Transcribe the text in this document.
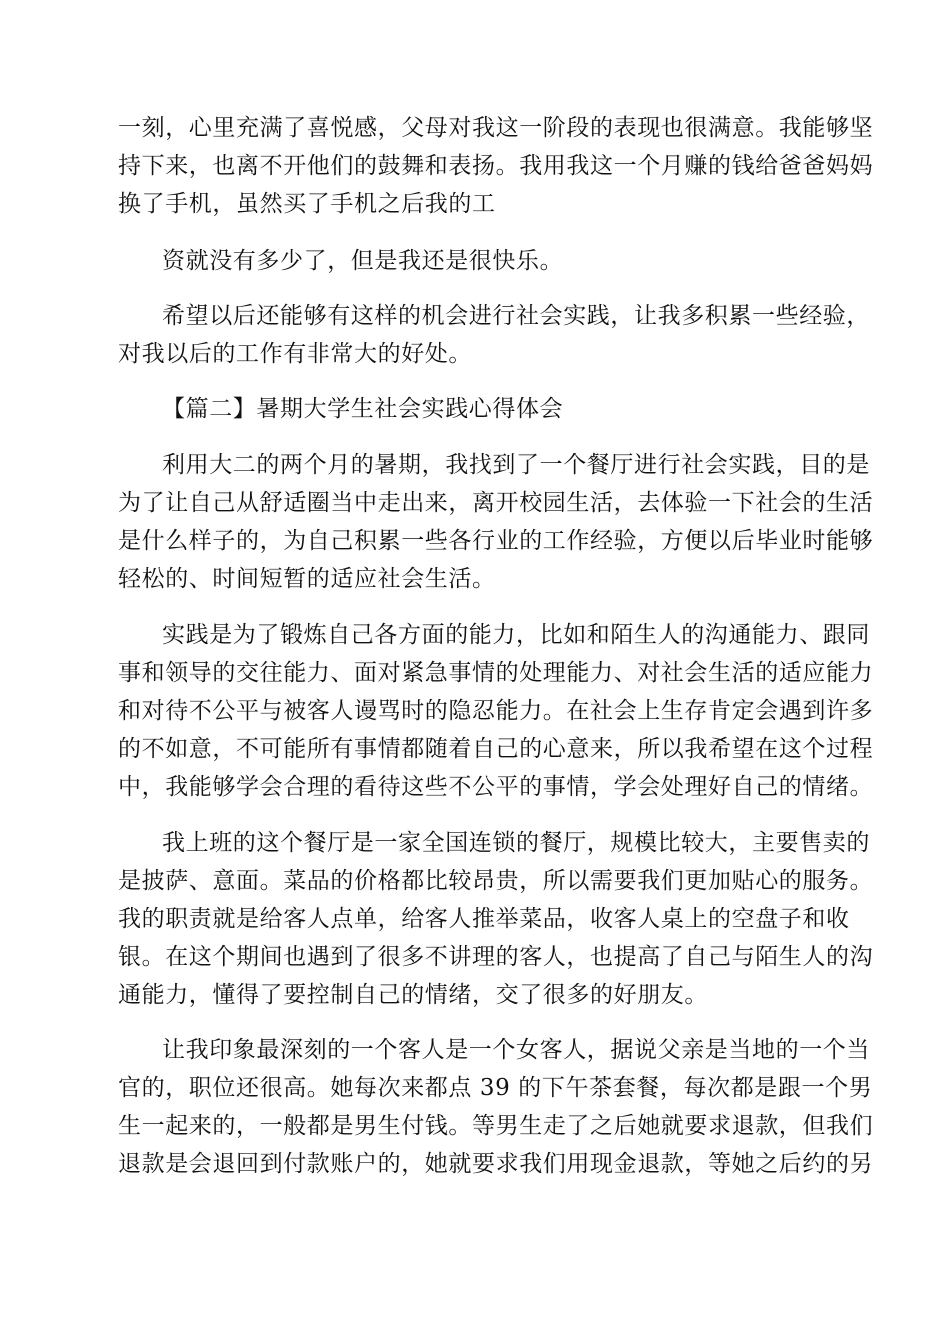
一刻，心里充满了喜悦感，父母对我这一阶段的表现也很满意。我能够坚
持下来，也离不开他们的鼓舞和表扬。我用我这一个月赚的钱给爸爸妈妈
换了手机，虽然买了手机之后我的工
资就没有多少了，但是我还是很快乐。
希望以后还能够有这样的机会进行社会实践，让我多积累一些经验，
对我以后的工作有非常大的好处。
【篇二】暑期大学生社会实践心得体会
利用大二的两个月的暑期，我找到了一个餐厅进行社会实践，目的是
为了让自己从舒适圈当中走出来，离开校园生活，去体验一下社会的生活
是什么样子的，为自己积累一些各行业的工作经验，方便以后毕业时能够
轻松的、时间短暂的适应社会生活。
实践是为了锻炼自己各方面的能力，比如和陌生人的沟通能力、跟同
事和领导的交往能力、面对紧急事情的处理能力、对社会生活的适应能力
和对待不公平与被客人谩骂时的隐忍能力。在社会上生存肯定会遇到许多
的不如意，不可能所有事情都随着自己的心意来，所以我希望在这个过程
中，我能够学会合理的看待这些不公平的事情，学会处理好自己的情绪。
我上班的这个餐厅是一家全国连锁的餐厅，规模比较大，主要售卖的
是披萨、意面。菜品的价格都比较昂贵，所以需要我们更加贴心的服务。
我的职责就是给客人点单，给客人推举菜品，收客人桌上的空盘子和收
银。在这个期间也遇到了很多不讲理的客人，也提高了自己与陌生人的沟
通能力，懂得了要控制自己的情绪，交了很多的好朋友。
让我印象最深刻的一个客人是一个女客人，据说父亲是当地的一个当
官的，职位还很高。她每次来都点 39 的下午茶套餐，每次都是跟一个男
生一起来的，一般都是男生付钱。等男生走了之后她就要求退款，但我们
退款是会退回到付款账户的，她就要求我们用现金退款，等她之后约的另
